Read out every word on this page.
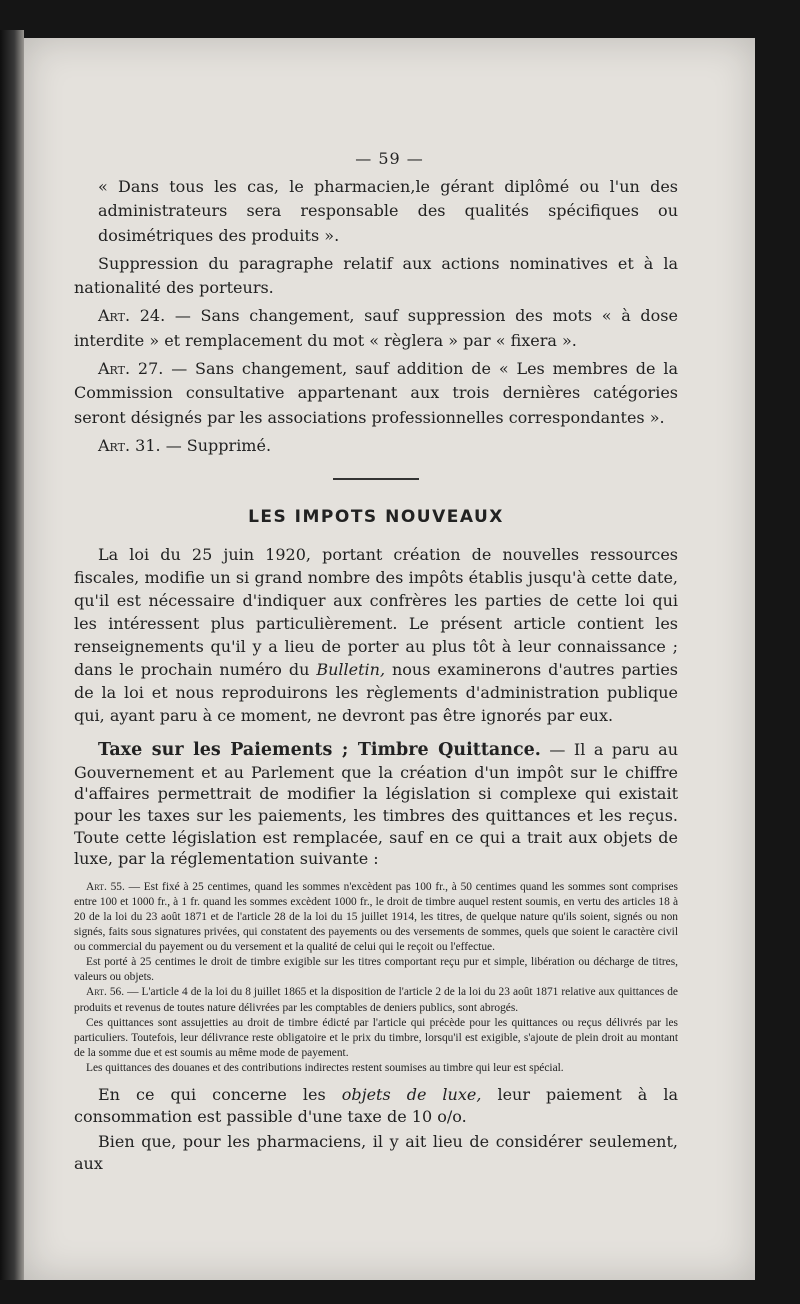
— 59 —

« Dans tous les cas, le pharmacien,le gérant diplômé ou l'un des administrateurs sera responsable des qualités spécifiques ou dosimétriques des produits ».

Suppression du paragraphe relatif aux actions nominatives et à la nationalité des porteurs.

Art. 24. — Sans changement, sauf suppression des mots « à dose interdite » et remplacement du mot « règlera » par « fixera ».

Art. 27. — Sans changement, sauf addition de « Les membres de la Commission consultative appartenant aux trois dernières catégories seront désignés par les associations professionnelles correspondantes ».

Art. 31. — Supprimé.

LES IMPOTS NOUVEAUX

La loi du 25 juin 1920, portant création de nouvelles ressources fiscales, modifie un si grand nombre des impôts établis jusqu'à cette date, qu'il est nécessaire d'indiquer aux confrères les parties de cette loi qui les intéressent plus particulièrement. Le présent article contient les renseignements qu'il y a lieu de porter au plus tôt à leur connaissance ; dans le prochain numéro du Bulletin, nous examinerons d'autres parties de la loi et nous reproduirons les règlements d'administration publique qui, ayant paru à ce moment, ne devront pas être ignorés par eux.

Taxe sur les Paiements ; Timbre Quittance. — Il a paru au Gouvernement et au Parlement que la création d'un impôt sur le chiffre d'affaires permettrait de modifier la législation si complexe qui existait pour les taxes sur les paiements, les timbres des quittances et les reçus. Toute cette législation est remplacée, sauf en ce qui a trait aux objets de luxe, par la réglementation suivante :

Art. 55. — Est fixé à 25 centimes, quand les sommes n'excèdent pas 100 fr., à 50 centimes quand les sommes sont comprises entre 100 et 1000 fr., à 1 fr. quand les sommes excèdent 1000 fr., le droit de timbre auquel restent soumis, en vertu des articles 18 à 20 de la loi du 23 août 1871 et de l'article 28 de la loi du 15 juillet 1914, les titres, de quelque nature qu'ils soient, signés ou non signés, faits sous signatures privées, qui constatent des payements ou des versements de sommes, quels que soient le caractère civil ou commercial du payement ou du versement et la qualité de celui qui le reçoit ou l'effectue.

Est porté à 25 centimes le droit de timbre exigible sur les titres comportant reçu pur et simple, libération ou décharge de titres, valeurs ou objets.

Art. 56. — L'article 4 de la loi du 8 juillet 1865 et la disposition de l'article 2 de la loi du 23 août 1871 relative aux quittances de produits et revenus de toutes nature délivrées par les comptables de deniers publics, sont abrogés.

Ces quittances sont assujetties au droit de timbre édicté par l'article qui précède pour les quittances ou reçus délivrés par les particuliers. Toutefois, leur délivrance reste obligatoire et le prix du timbre, lorsqu'il est exigible, s'ajoute de plein droit au montant de la somme due et est soumis au même mode de payement.

Les quittances des douanes et des contributions indirectes restent soumises au timbre qui leur est spécial.

En ce qui concerne les objets de luxe, leur paiement à la consommation est passible d'une taxe de 10 o/o.

Bien que, pour les pharmaciens, il y ait lieu de considérer seulement, aux
